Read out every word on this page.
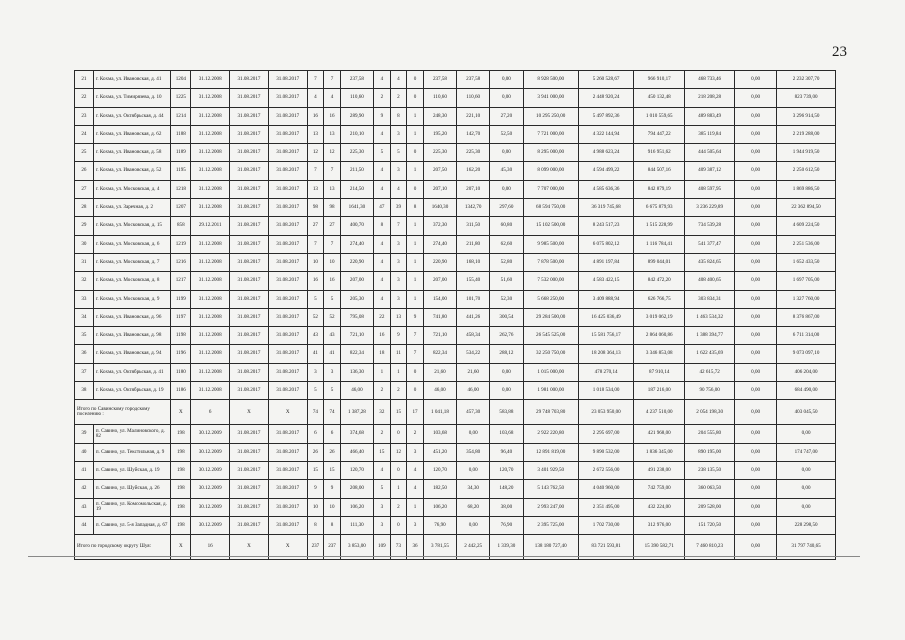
23
21	г. Кохма, ул. Ивановская, д. 41	1204	31.12.2008	31.08.2017	31.08.2017	7	7	237,58	4	4	0	237,58	237,58	0,00	8 928 500,00	5 260 528,67	966 910,17	468 733,46	0,00	2 232 307,70
22	г. Кохма, ул. Тимирязева, д. 10	1225	31.12.2008	31.08.2017	31.08.2017	4	4	110,60	2	2	0	110,60	110,60	0,00	3 941 000,00	2 448 920,24	450 132,48	218 208,28	0,00	823 739,00
23	г. Кохма, ул. Октябрьская, д. 44	1214	31.12.2008	31.08.2017	31.08.2017	16	16	289,90	9	8	1	248,30	221,10	27,20	10 295 250,00	5 497 892,36	1 010 559,65	489 883,49	0,00	3 296 914,50
24	г. Кохма, ул. Ивановская, д. 62	1188	31.12.2008	31.08.2017	31.08.2017	13	13	210,10	4	3	1	195,20	142,70	52,50	7 721 000,00	4 322 144,94	794 447,22	385 119,84	0,00	2 219 288,00
25	г. Кохма, ул. Ивановская, д. 58	1189	31.12.2008	31.08.2017	31.08.2017	12	12	225,30	5	5	0	225,30	225,30	0,00	8 295 000,00	4 988 623,24	916 951,62	444 505,64	0,00	1 944 919,50
26	г. Кохма, ул. Ивановская, д. 52	1195	31.12.2008	31.08.2017	31.08.2017	7	7	211,50	4	3	1	207,50	162,20	45,30	8 099 000,00	4 594 499,22	844 507,16	409 387,12	0,00	2 250 612,50
27	г. Кохма, ул. Московская, д. 4	1218	31.12.2008	31.08.2017	31.08.2017	13	13	214,50	4	4	0	207,10	207,10	0,00	7 707 000,00	4 585 636,36	842 879,19	408 597,95	0,00	1 869 886,50
28	г. Кохма, ул. Заречная, д. 2	1207	31.12.2008	31.08.2017	31.08.2017	98	98	1641,30	47	39	8	1640,30	1342,70	297,60	68 594 750,00	36 319 745,68	6 675 879,93	3 236 229,89	0,00	22 362 894,50
29	г. Кохма, ул. Московская, д. 15	858	29.12.2011	31.08.2017	31.08.2017	27	27	400,70	8	7	1	372,30	311,50	60,80	15 102 500,00	8 243 517,23	1 515 228,99	734 539,28	0,00	4 609 224,50
30	г. Кохма, ул. Московская, д. 6	1219	31.12.2008	31.08.2017	31.08.2017	7	7	274,40	4	3	1	274,40	211,80	62,60	9 985 500,00	6 075 802,12	1 116 784,41	541 377,47	0,00	2 251 536,00
31	г. Кохма, ул. Московская, д. 7	1216	31.12.2008	31.08.2017	31.08.2017	10	10	220,90	4	3	1	220,90	168,10	52,80	7 878 500,00	4 891 197,84	899 044,01	435 824,65	0,00	1 652 433,50
32	г. Кохма, ул. Московская, д. 8	1217	31.12.2008	31.08.2017	31.08.2017	16	16	207,00	4	3	1	207,00	155,40	51,60	7 532 000,00	4 583 422,15	842 472,20	408 400,65	0,00	1 697 705,00
33	г. Кохма, ул. Московская, д. 9	1199	31.12.2008	31.08.2017	31.08.2017	5	5	205,30	4	3	1	154,00	101,70	52,30	5 668 250,00	3 409 888,94	626 766,75	303 834,31	0,00	1 327 760,00
34	г. Кохма, ул. Ивановская, д. 96	1197	31.12.2008	31.08.2017	31.08.2017	52	52	795,08	22	13	9	741,80	441,26	300,54	29 284 500,00	16 425 036,49	3 019 062,19	1 463 534,32	0,00	8 376 867,00
35	г. Кохма, ул. Ивановская, д. 98	1198	31.12.2008	31.08.2017	31.08.2017	43	43	721,10	16	9	7	721,10	458,34	262,76	26 545 525,00	15 581 756,17	2 864 060,86	1 388 394,77	0,00	6 711 314,00
36	г. Кохма, ул. Ивановская, д. 94	1196	31.12.2008	31.08.2017	31.08.2017	41	41	822,34	18	11	7	822,34	534,22	288,12	32 250 750,00	18 208 364,13	3 346 853,08	1 622 435,69	0,00	9 073 097,10
37	г. Кохма, ул. Октябрьская, д. 41	1180	31.12.2008	31.08.2017	31.08.2017	3	3	136,30	1	1	0	21,60	21,60	0,00	1 015 000,00	478 270,14	87 910,14	42 615,72	0,00	406 204,00
38	г. Кохма, ул. Октябрьская, д. 19	1186	31.12.2008	31.08.2017	31.08.2017	5	5	46,00	2	2	0	46,00	46,00	0,00	1 981 000,00	1 018 534,00	187 216,00	90 756,00	0,00	684 490,00
Итого по Савинскому городскому поселению :		X	6	X	X	74	74	1 387,28	32	15	17	1 041,18	457,30	583,88	29 748 703,80	23 053 950,00	4 237 510,00	2 054 198,30	0,00	403 045,50
39	п. Савино, ул. Малиновского, д. 82	198	30.12.2009	31.08.2017	31.08.2017	6	6	374,68	2	0	2	103,68	0,00	103,68	2 922 220,80	2 295 697,00	421 968,00	204 555,80	0,00	0,00
40	п. Савино, ул. Текстильная, д. 9	198	30.12.2009	31.08.2017	31.08.2017	26	26	466,40	15	12	3	451,20	354,80	96,40	12 891 819,00	9 890 532,00	1 836 345,00	890 195,00	0,00	174 747,00
41	п. Савино, ул. Шуйская, д. 19	198	30.12.2009	31.08.2017	31.08.2017	15	15	120,70	4	0	4	120,70	0,00	120,70	3 401 929,50	2 672 556,00	491 238,00	238 135,50	0,00	0,00
42	п. Савино, ул. Шуйская, д. 26	198	30.12.2009	31.08.2017	31.08.2017	9	9	208,00	5	1	4	182,50	34,30	148,20	5 143 762,50	4 040 960,00	742 759,00	360 063,50	0,00	0,00
43	п. Савино, ул. Комсомольская, д. 19	198	30.12.2009	31.08.2017	31.08.2017	10	10	106,20	3	2	1	106,20	68,20	38,00	2 993 247,00	2 351 495,00	432 224,00	209 528,00	0,00	0,00
44	п. Савино, ул. 5-я Западная, д. 67	198	30.12.2009	31.08.2017	31.08.2017	8	8	111,30	3	0	3	76,90	0,00	76,90	2 395 725,00	1 702 730,00	312 976,00	151 720,50	0,00	228 298,50
Итого по городскому округу Шуя:		X	16	X	X	237	237	3 853,00	109	73	36	3 781,55	2 442,25	1 339,30	138 180 727,40	83 721 593,81	15 390 582,71	7 460 810,23	0,00	31 797 740,65
